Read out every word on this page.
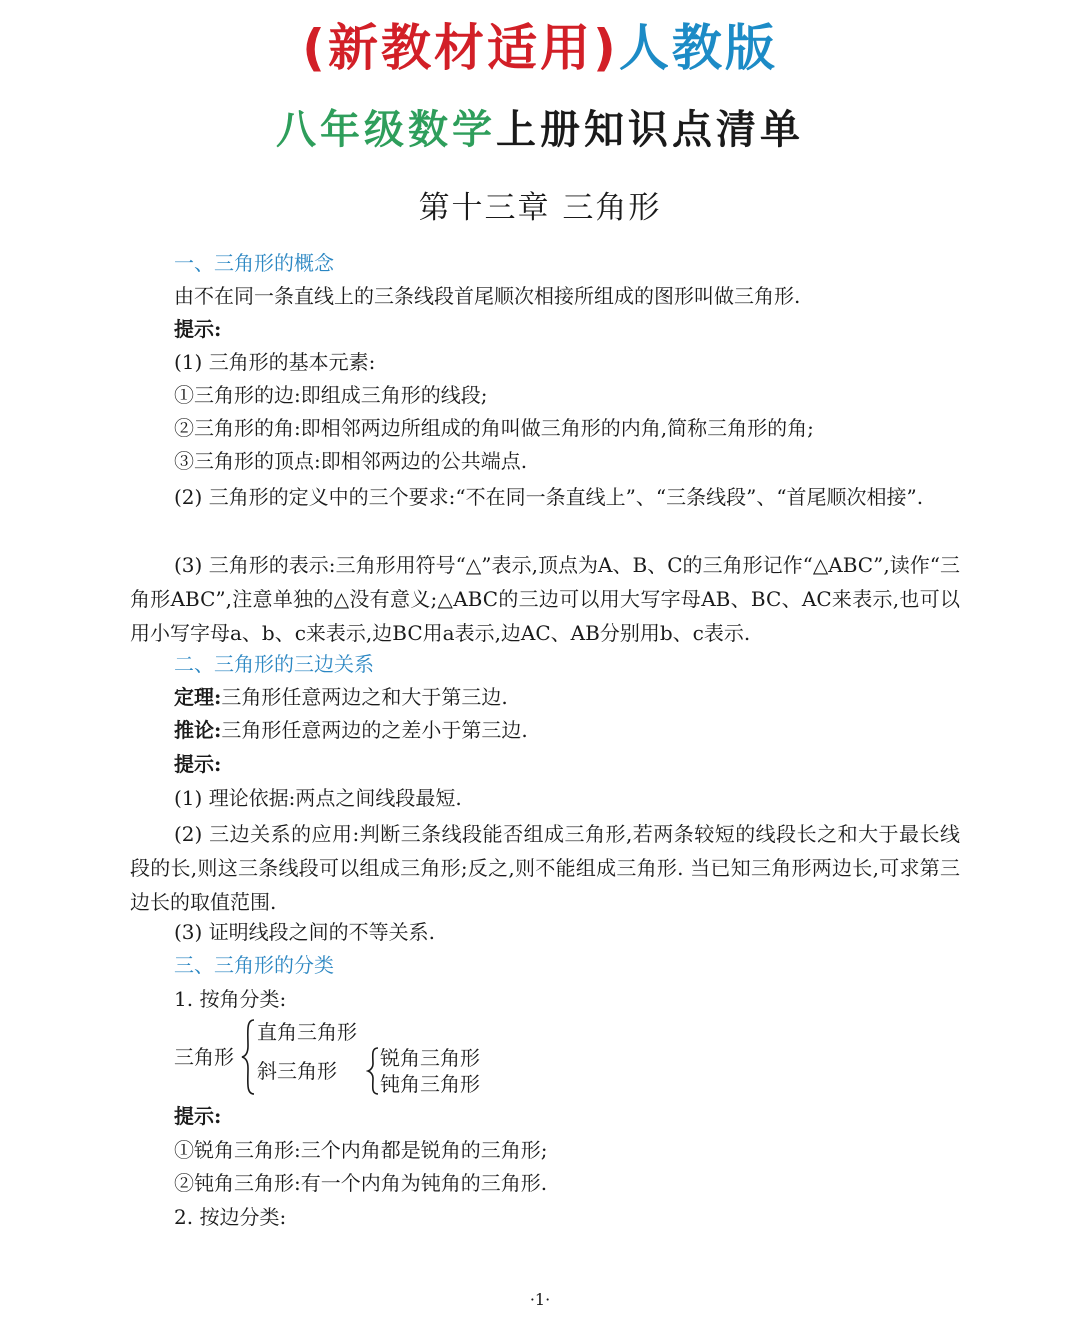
(新教材适用)人教版
八年级数学上册知识点清单
第十三章 三角形
一、三角形的概念
由不在同一条直线上的三条线段首尾顺次相接所组成的图形叫做三角形.
提示:
(1) 三角形的基本元素:
①三角形的边:即组成三角形的线段;
②三角形的角:即相邻两边所组成的角叫做三角形的内角,简称三角形的角;
③三角形的顶点:即相邻两边的公共端点.
(2) 三角形的定义中的三个要求:“不在同一条直线上”、“三条线段”、“首尾顺次相接”.
(3) 三角形的表示:三角形用符号“△”表示,顶点为A、B、C的三角形记作“△ABC”,读作“三角形ABC”,注意单独的△没有意义;△ABC的三边可以用大写字母AB、BC、AC来表示,也可以用小写字母a、b、c来表示,边BC用a表示,边AC、AB分别用b、c表示.
二、三角形的三边关系
定理:三角形任意两边之和大于第三边.
推论:三角形任意两边的之差小于第三边.
提示:
(1) 理论依据:两点之间线段最短.
(2) 三边关系的应用:判断三条线段能否组成三角形,若两条较短的线段长之和大于最长线段的长,则这三条线段可以组成三角形;反之,则不能组成三角形. 当已知三角形两边长,可求第三边长的取值范围.
(3) 证明线段之间的不等关系.
三、三角形的分类
1. 按角分类:
三角形
直角三角形
斜三角形
锐角三角形
钝角三角形
提示:
①锐角三角形:三个内角都是锐角的三角形;
②钝角三角形:有一个内角为钝角的三角形.
2. 按边分类:
·1·
